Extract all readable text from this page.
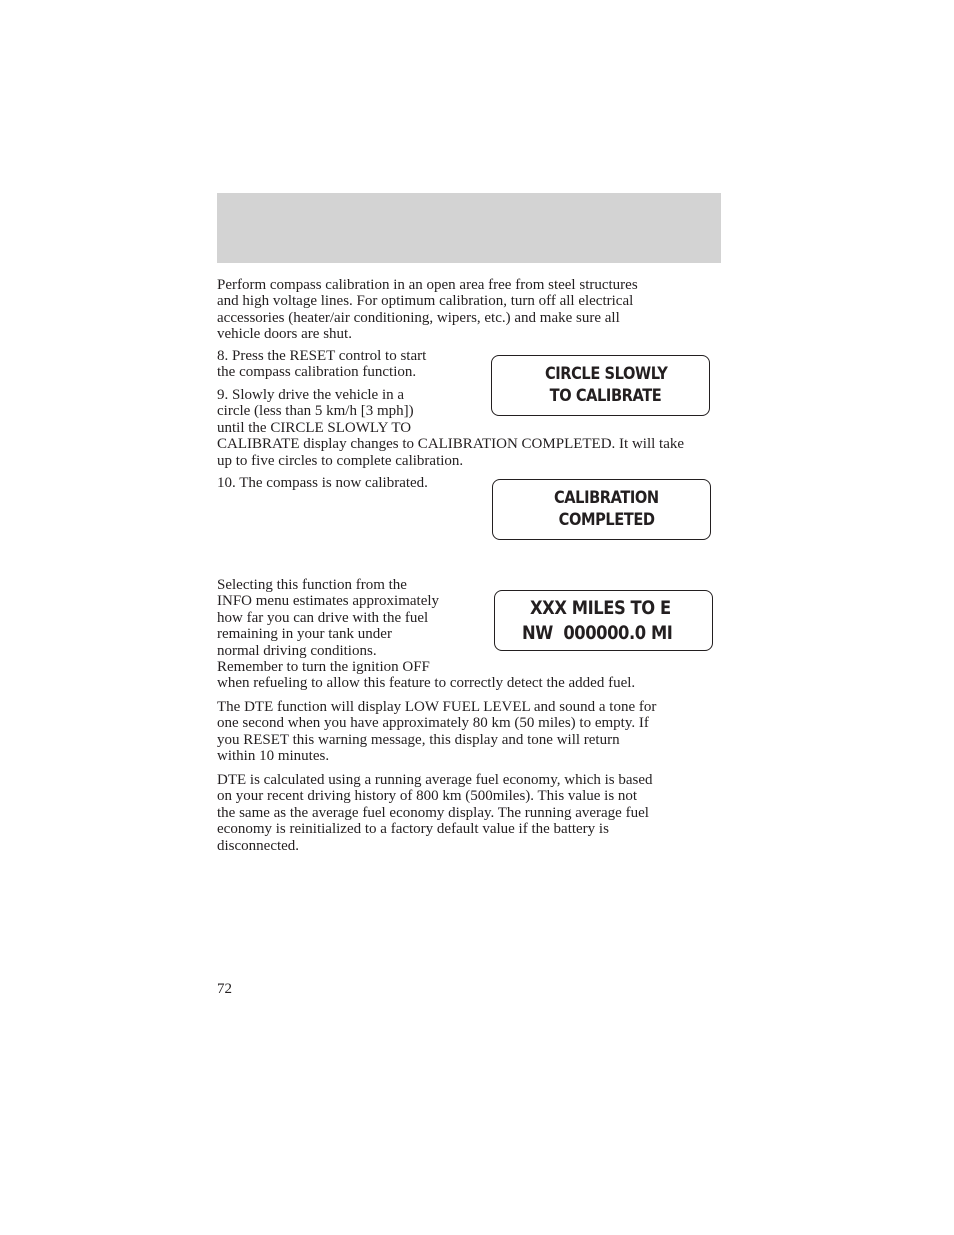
Perform compass calibration in an open area free from steel structures
and high voltage lines. For optimum calibration, turn off all electrical
accessories (heater/air conditioning, wipers, etc.) and make sure all
vehicle doors are shut.
8. Press the RESET control to start
the compass calibration function.
9. Slowly drive the vehicle in a
circle (less than 5 km/h [3 mph])
until the CIRCLE SLOWLY TO
CALIBRATE display changes to CALIBRATION COMPLETED. It will take
up to five circles to complete calibration.
CIRCLE SLOWLY
TO CALIBRATE
10. The compass is now calibrated.
CALIBRATION
COMPLETED
Selecting this function from the
INFO menu estimates approximately
how far you can drive with the fuel
remaining in your tank under
normal driving conditions.
Remember to turn the ignition OFF
when refueling to allow this feature to correctly detect the added fuel.
XXX MILES TO E
NW  000000.0 MI
The DTE function will display LOW FUEL LEVEL and sound a tone for
one second when you have approximately 80 km (50 miles) to empty. If
you RESET this warning message, this display and tone will return
within 10 minutes.
DTE is calculated using a running average fuel economy, which is based
on your recent driving history of 800 km (500miles). This value is not
the same as the average fuel economy display. The running average fuel
economy is reinitialized to a factory default value if the battery is
disconnected.
72
